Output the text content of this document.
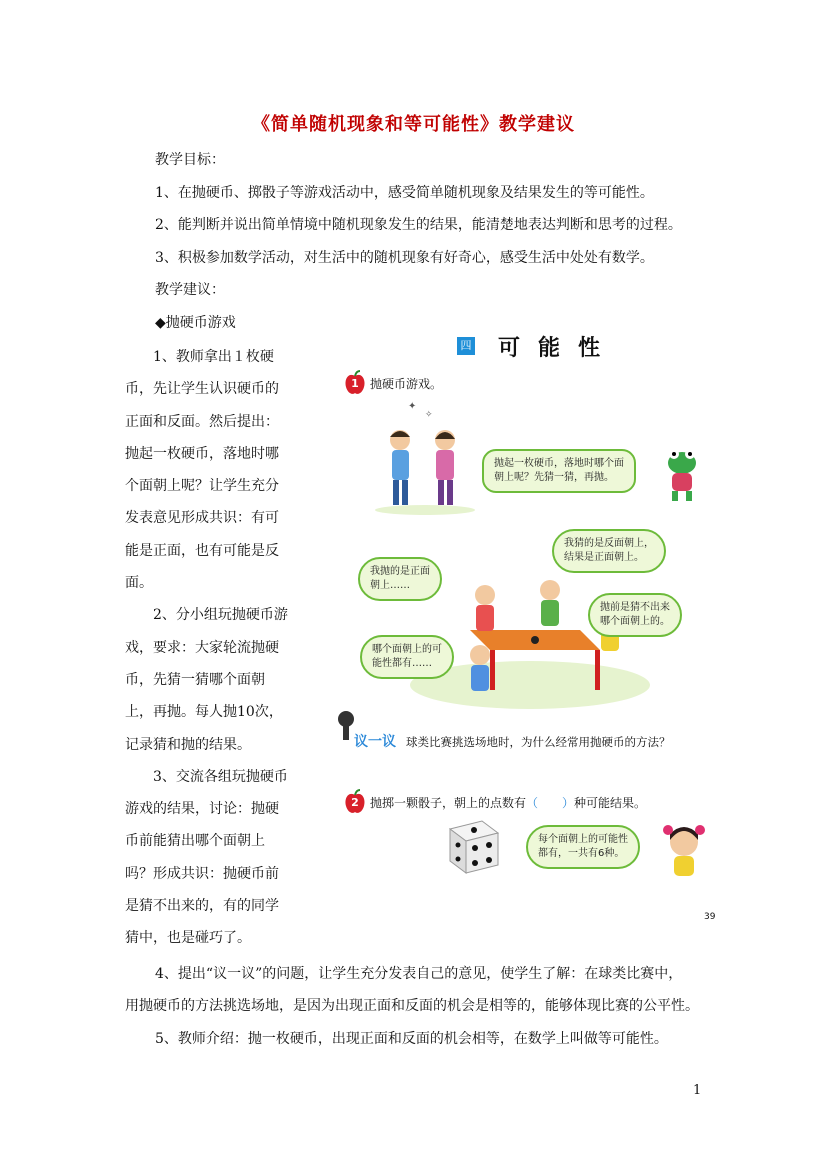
《简单随机现象和等可能性》教学建议
教学目标：
1、在抛硬币、掷骰子等游戏活动中，感受简单随机现象及结果发生的等可能性。
2、能判断并说出简单情境中随机现象发生的结果，能清楚地表达判断和思考的过程。
3、积极参加数学活动，对生活中的随机现象有好奇心，感受生活中处处有数学。
教学建议：
◆抛硬币游戏
1、教师拿出１枚硬
币，先让学生认识硬币的
正面和反面。然后提出：
抛起一枚硬币，落地时哪
个面朝上呢？让学生充分
发表意见形成共识：有可
能是正面，也有可能是反
面。
2、分小组玩抛硬币游
戏，要求：大家轮流抛硬
币，先猜一猜哪个面朝
上，再抛。每人抛10次，
记录猜和抛的结果。
3、交流各组玩抛硬币
游戏的结果，讨论：抛硬
币前能猜出哪个面朝上
吗？形成共识：抛硬币前
是猜不出来的，有的同学
猜中，也是碰巧了。
四 可能性
1 抛硬币游戏。
✦
✧
抛起一枚硬币，落地时哪个面
朝上呢？先猜一猜，再抛。
我猜的是反面朝上，
结果是正面朝上。
我抛的是正面
朝上……
抛前是猜不出来
哪个面朝上的。
哪个面朝上的可
能性都有……
议一议 球类比赛挑选场地时，为什么经常用抛硬币的方法？
2 抛掷一颗骰子，朝上的点数有（　　）种可能结果。
每个面朝上的可能性
都有，一共有6种。
39
4、提出“议一议”的问题，让学生充分发表自己的意见，使学生了解：在球类比赛中，
用抛硬币的方法挑选场地，是因为出现正面和反面的机会是相等的，能够体现比赛的公平性。
5、教师介绍：抛一枚硬币，出现正面和反面的机会相等，在数学上叫做等可能性。
1
